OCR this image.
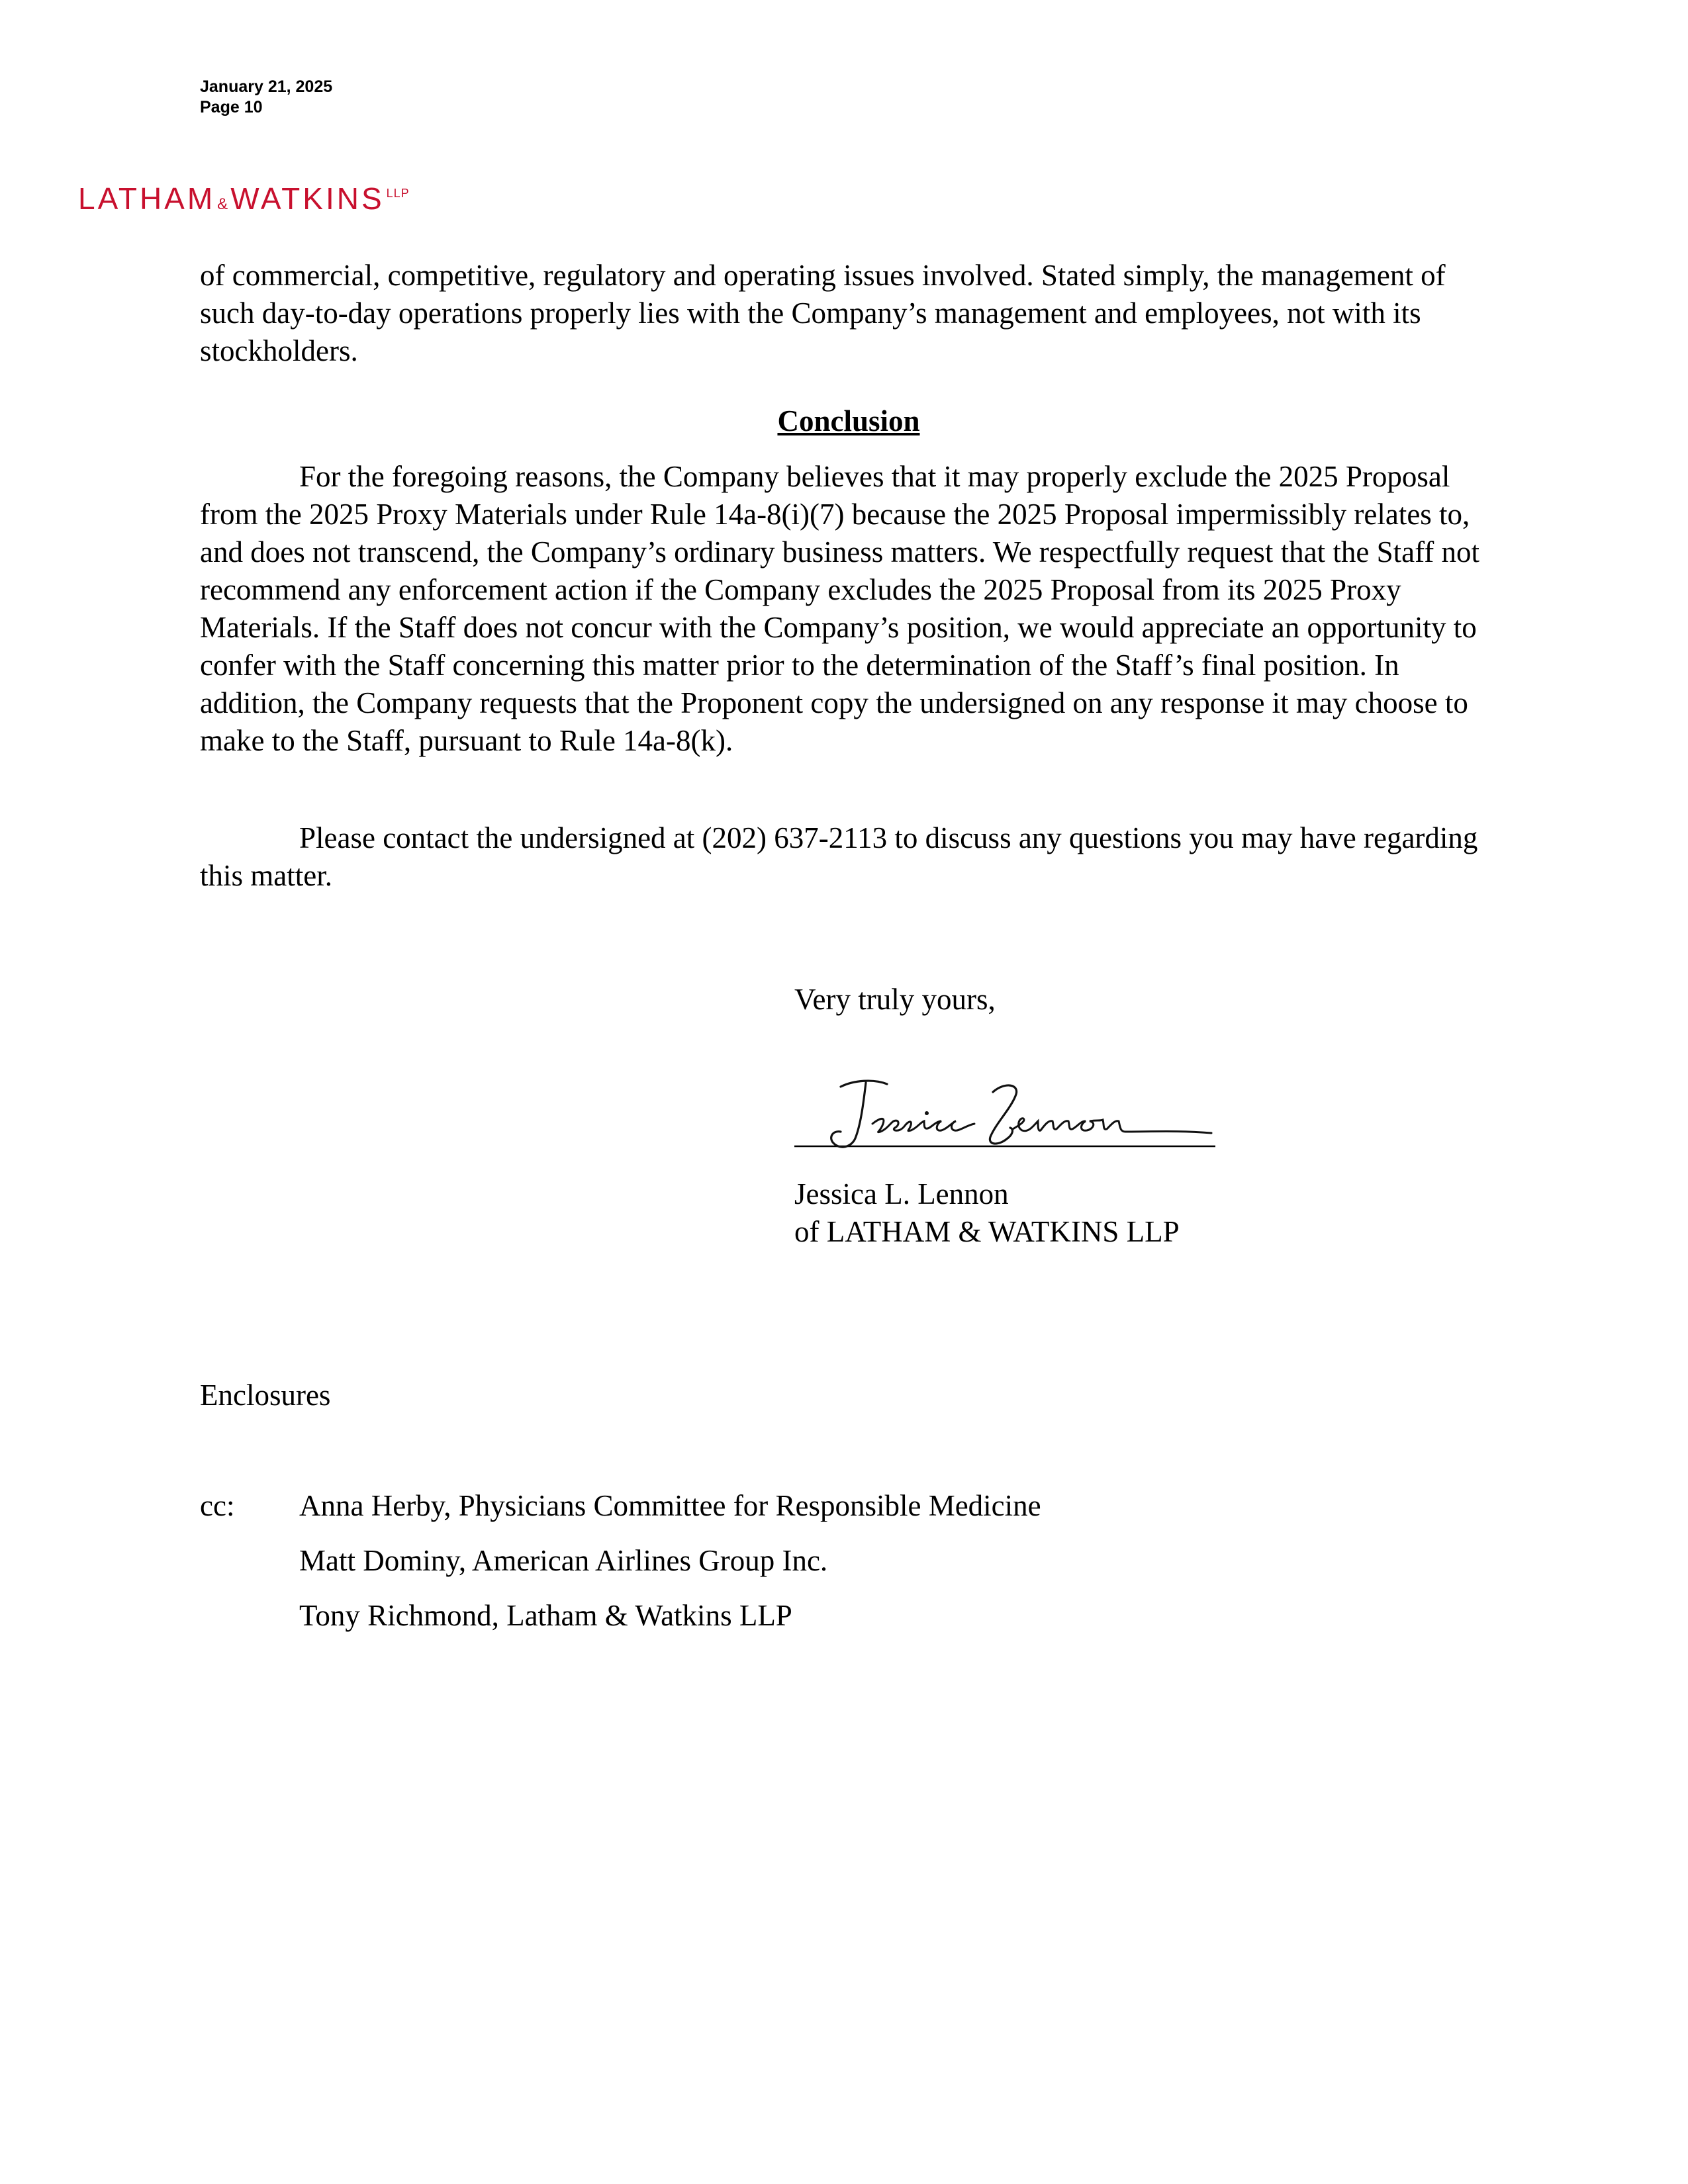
January 21, 2025
Page 10
LATHAM &WATKINS $^{LLP}$

of commercial, competitive, regulatory and operating issues involved. Stated simply, the management of such day-to-day operations properly lies with the Company’s management and employees, not with its stockholders.

Conclusion

For the foregoing reasons, the Company believes that it may properly exclude the 2025 Proposal from the 2025 Proxy Materials under Rule 14a-8(i)(7) because the 2025 Proposal impermissibly relates to, and does not transcend, the Company’s ordinary business matters. We respectfully request that the Staff not recommend any enforcement action if the Company excludes the 2025 Proposal from its 2025 Proxy Materials. If the Staff does not concur with the Company’s position, we would appreciate an opportunity to confer with the Staff concerning this matter prior to the determination of the Staff’s final position. In addition, the Company requests that the Proponent copy the undersigned on any response it may choose to make to the Staff, pursuant to Rule 14a-8(k).

Please contact the undersigned at (202) 637-2113 to discuss any questions you may have regarding this matter.

Very truly yours,
Jessica L. Lennon
of LATHAM & WATKINS LLP
Enclosures
cc: Anna Herby, Physicians Committee for Responsible Medicine
Matt Dominy, American Airlines Group Inc.
Tony Richmond, Latham & Watkins LLP
